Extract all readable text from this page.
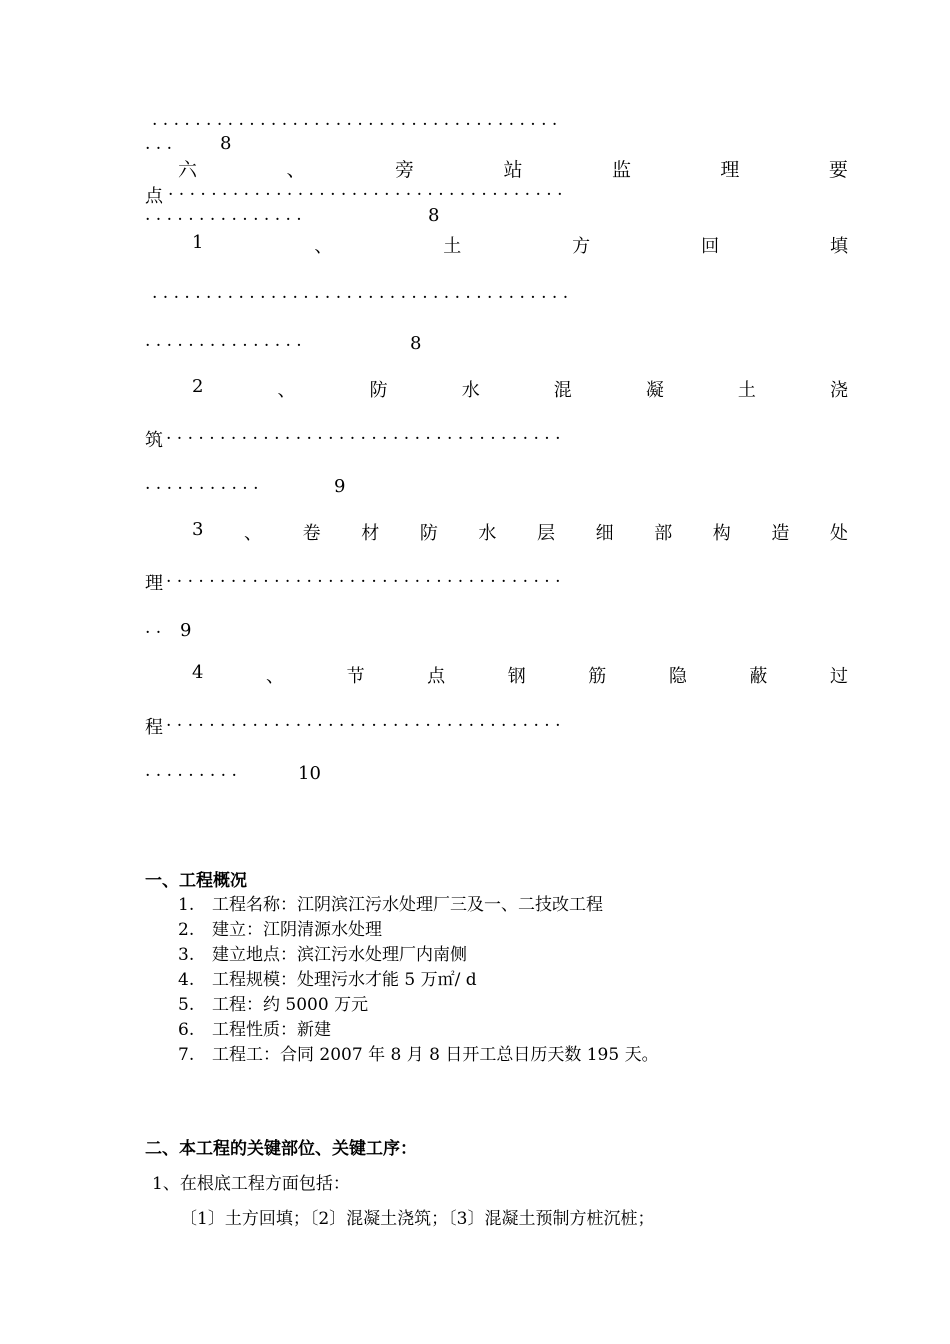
. . . . . . . . . . . . . . . . . . . . . . . . . . . . . . . . . . . . . .
. . .	8
六	、	旁	站	监	理	要
点 . . . . . . . . . . . . . . . . . . . . . . . . . . . . . . . . . . . . .
. . . . . . . . . . . . . . .	8
1	、	土	方	回	填
. . . . . . . . . . . . . . . . . . . . . . . . . . . . . . . . . . . . . . .
. . . . . . . . . . . . . . .	8
2	、	防	水	混	凝	土	浇
筑 . . . . . . . . . . . . . . . . . . . . . . . . . . . . . . . . . . . . .
. . . . . . . . . . .	9
3 、 卷 材 防 水 层 细 部 构 造 处
理 . . . . . . . . . . . . . . . . . . . . . . . . . . . . . . . . . . . . .
. . 9
4	、	节	点	钢	筋	隐	蔽	过
程 . . . . . . . . . . . . . . . . . . . . . . . . . . . . . . . . . . . . .
. . . . . . . . .	10
一、工程概况
1. 工程名称：江阴滨江污水处理厂三及一、二技改工程
2. 建立：江阴清源水处理
3. 建立地点：滨江污水处理厂内南侧
4. 工程规模：处理污水才能 5 万㎡/ d
5. 工程：约 5000 万元
6. 工程性质：新建
7. 工程工：合同 2007 年 8 月 8 日开工总日历天数 195 天。
二、本工程的关键部位、关键工序：
1、在根底工程方面包括：
〔1〕土方回填；〔2〕混凝土浇筑；〔3〕混凝土预制方桩沉桩；
